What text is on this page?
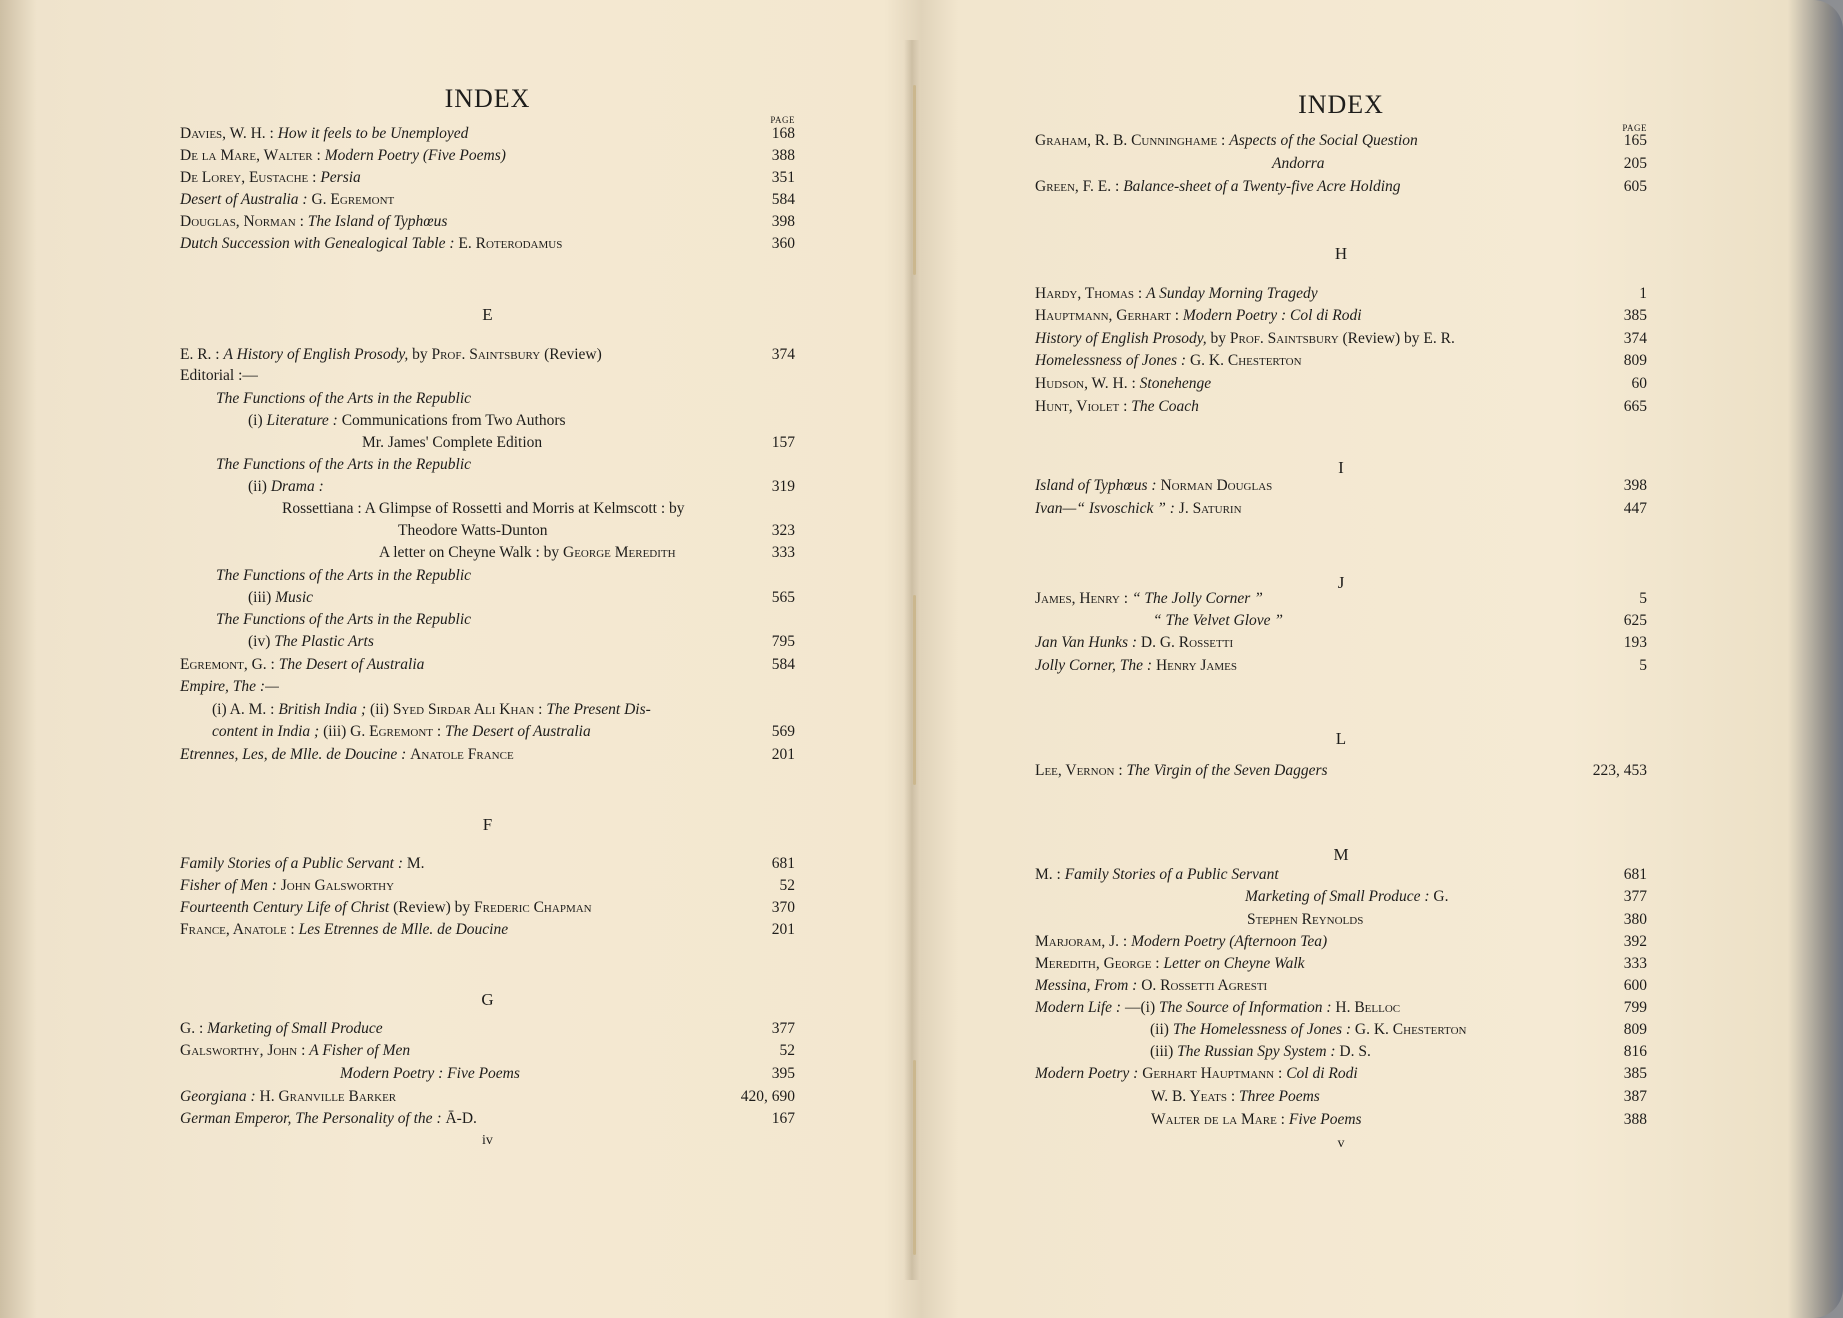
INDEX
PAGE
Davies, W. H. : How it feels to be Unemployed	168
De la Mare, Walter : Modern Poetry (Five Poems)	388
De Lorey, Eustache : Persia	351
Desert of Australia : G. Egremont	584
Douglas, Norman : The Island of Typhœus	398
Dutch Succession with Genealogical Table : E. Roterodamus	360
E
E. R. : A History of English Prosody, by Prof. Saintsbury (Review)	374
Editorial :—
The Functions of the Arts in the Republic
(i) Literature : Communications from Two Authors
Mr. James' Complete Edition	157
The Functions of the Arts in the Republic
(ii) Drama :	319
Rossettiana : A Glimpse of Rossetti and Morris at Kelmscott : by
Theodore Watts-Dunton	323
A letter on Cheyne Walk : by George Meredith	333
The Functions of the Arts in the Republic
(iii) Music	565
The Functions of the Arts in the Republic
(iv) The Plastic Arts	795
Egremont, G. : The Desert of Australia	584
Empire, The :—
(i) A. M. : British India ; (ii) Syed Sirdar Ali Khan : The Present Dis-
content in India ; (iii) G. Egremont : The Desert of Australia	569
Etrennes, Les, de Mlle. de Doucine : Anatole France	201
F
Family Stories of a Public Servant : M.	681
Fisher of Men : John Galsworthy	52
Fourteenth Century Life of Christ (Review) by Frederic Chapman	370
France, Anatole : Les Etrennes de Mlle. de Doucine	201
G
G. : Marketing of Small Produce	377
Galsworthy, John : A Fisher of Men	52
Modern Poetry : Five Poems	395
Georgiana : H. Granville Barker	420, 690
German Emperor, The Personality of the : Ā-D.	167
iv
INDEX
PAGE
Graham, R. B. Cunninghame : Aspects of the Social Question	165
Andorra	205
Green, F. E. : Balance-sheet of a Twenty-five Acre Holding	605
H
Hardy, Thomas : A Sunday Morning Tragedy	1
Hauptmann, Gerhart : Modern Poetry : Col di Rodi	385
History of English Prosody, by Prof. Saintsbury (Review) by E. R.	374
Homelessness of Jones : G. K. Chesterton	809
Hudson, W. H. : Stonehenge	60
Hunt, Violet : The Coach	665
I
Island of Typhœus : Norman Douglas	398
Ivan—“ Isvoschick ” : J. Saturin	447
J
James, Henry : “ The Jolly Corner ”	5
“ The Velvet Glove ”	625
Jan Van Hunks : D. G. Rossetti	193
Jolly Corner, The : Henry James	5
L
Lee, Vernon : The Virgin of the Seven Daggers	223, 453
M
M. : Family Stories of a Public Servant	681
Marketing of Small Produce : G.	377
Stephen Reynolds	380
Marjoram, J. : Modern Poetry (Afternoon Tea)	392
Meredith, George : Letter on Cheyne Walk	333
Messina, From : O. Rossetti Agresti	600
Modern Life : —(i) The Source of Information : H. Belloc	799
(ii) The Homelessness of Jones : G. K. Chesterton	809
(iii) The Russian Spy System : D. S.	816
Modern Poetry : Gerhart Hauptmann : Col di Rodi	385
W. B. Yeats : Three Poems	387
Walter de la Mare : Five Poems	388
v
